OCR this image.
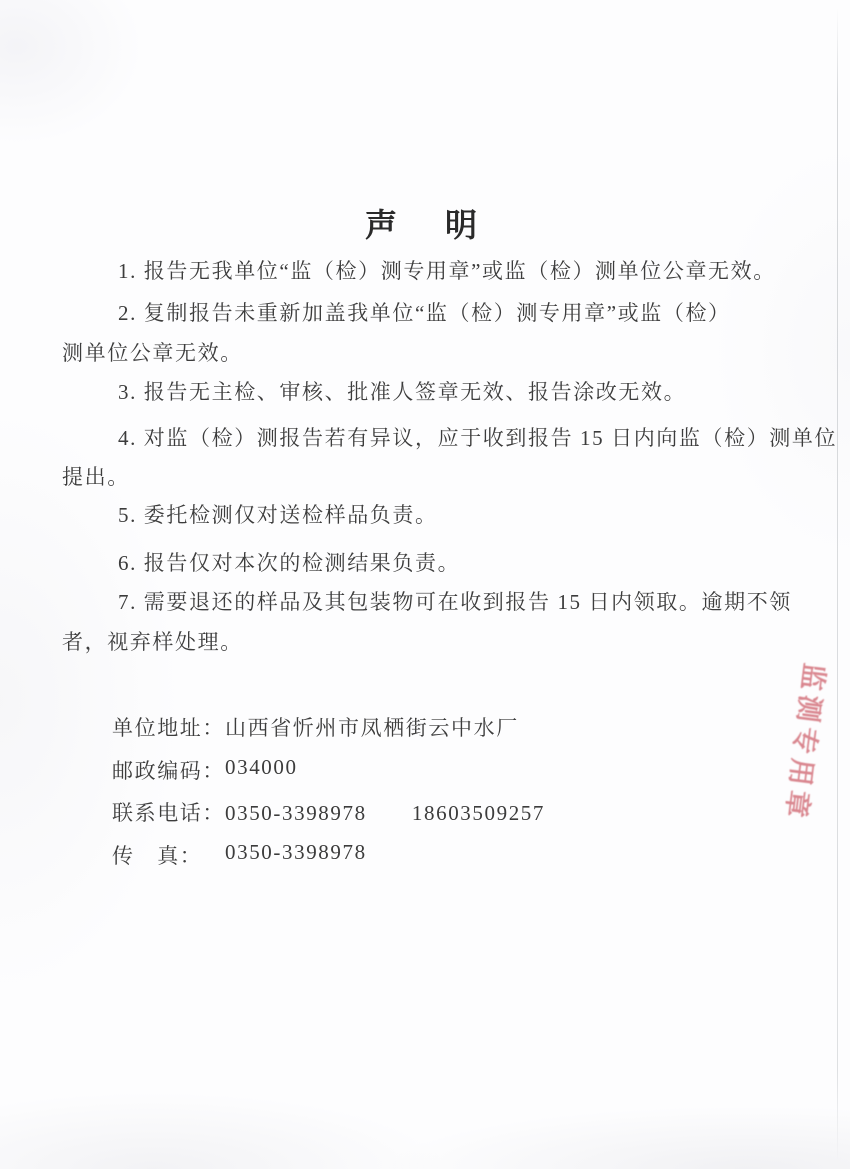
声　明
1. 报告无我单位“监（检）测专用章”或监（检）测单位公章无效。
2. 复制报告未重新加盖我单位“监（检）测专用章”或监（检）
测单位公章无效。
3. 报告无主检、审核、批准人签章无效、报告涂改无效。
4. 对监（检）测报告若有异议，应于收到报告 15 日内向监（检）测单位
提出。
5. 委托检测仅对送检样品负责。
6. 报告仅对本次的检测结果负责。
7. 需要退还的样品及其包装物可在收到报告 15 日内领取。逾期不领
者，视弃样处理。
单位地址： 山西省忻州市凤栖街云中水厂
邮政编码： 034000
联系电话： 0350-3398978　　18603509257
传　真：	0350-3398978
监测专用章
